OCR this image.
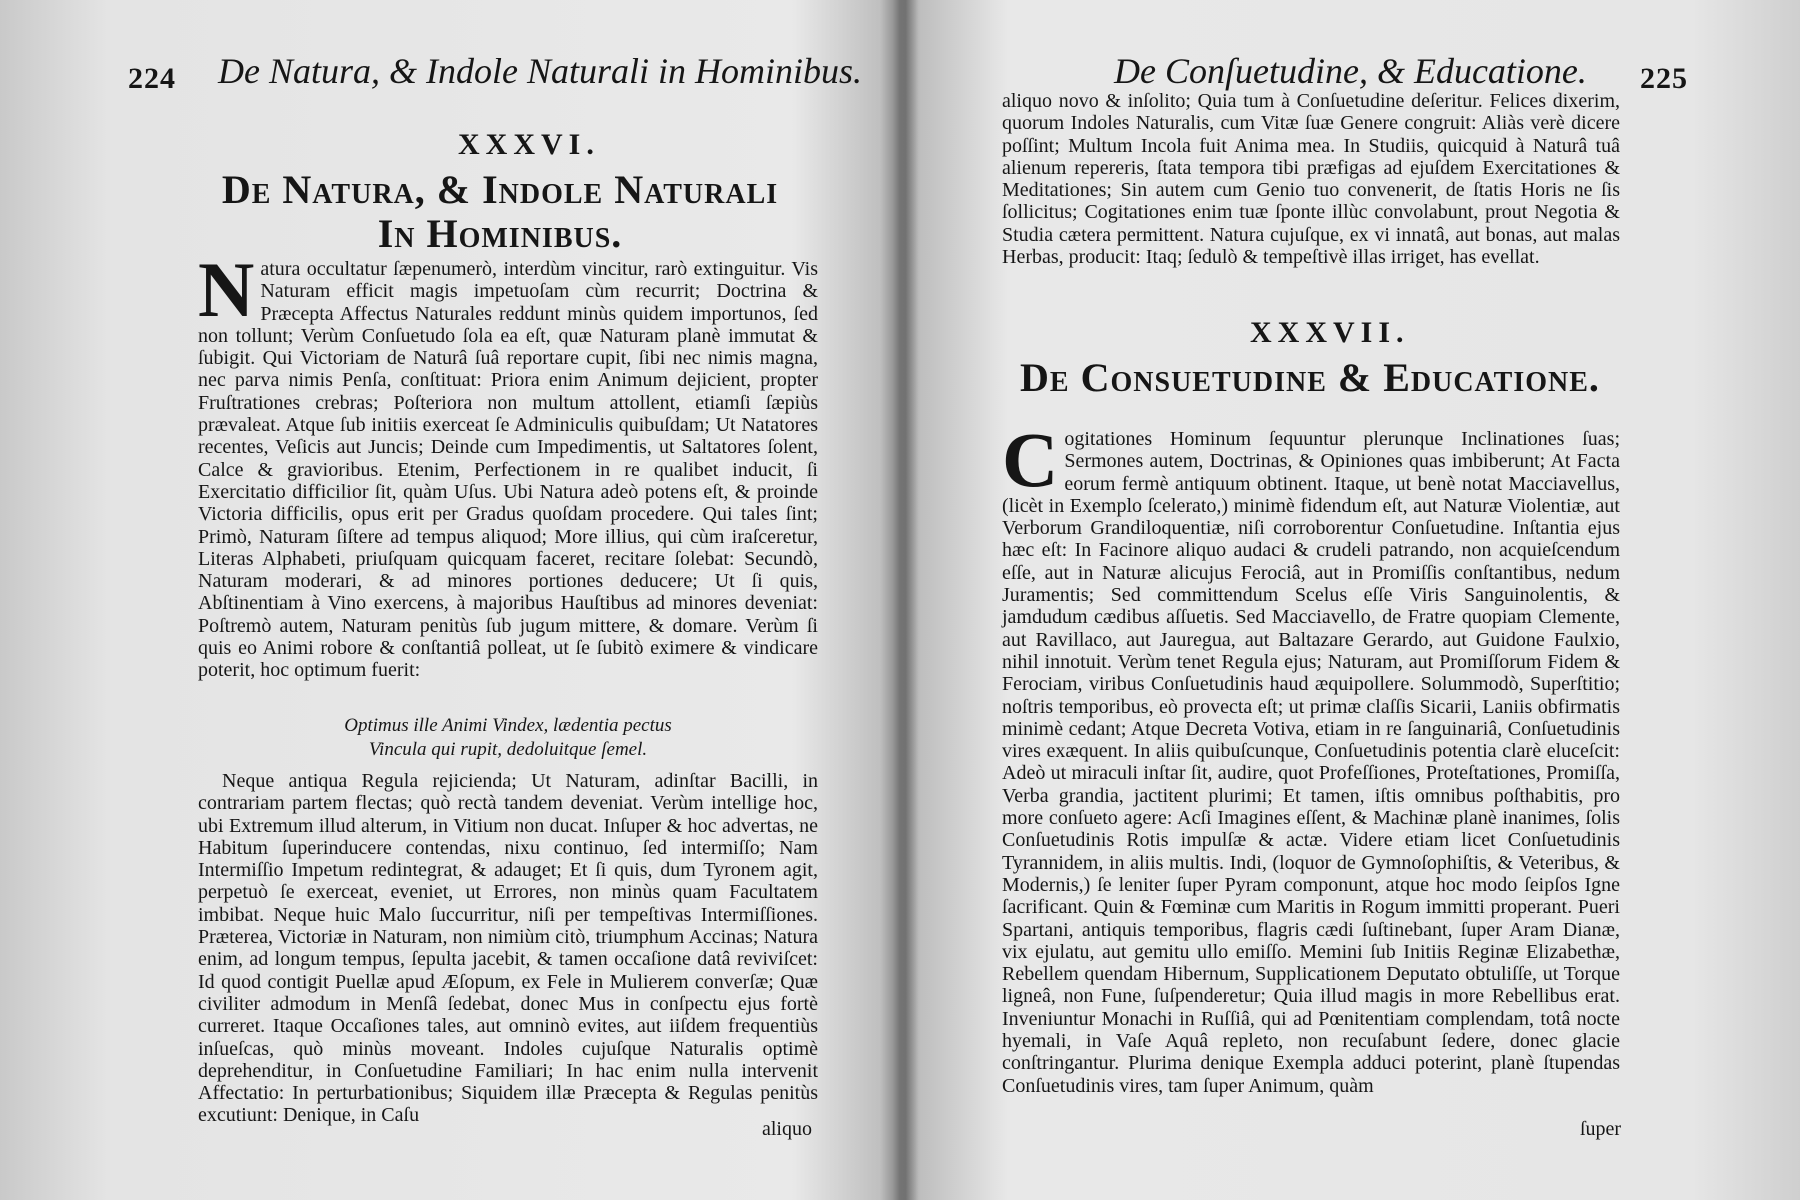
224 De Natura, & Indole Naturali in Hominibus.
XXXVI.
De Natura, & Indole Naturali
In Hominibus.

Natura occultatur ſæpenumerò, interdùm vincitur, rarò extinguitur. Vis Naturam efficit magis impetuoſam cùm recurrit; Doctrina & Præcepta Affectus Naturales reddunt minùs quidem importunos, ſed non tollunt; Verùm Conſuetudo ſola ea eſt, quæ Naturam planè immutat & ſubigit. Qui Victoriam de Naturâ ſuâ reportare cupit, ſibi nec nimis magna, nec parva nimis Penſa, conſtituat: Priora enim Animum dejicient, propter Fruſtrationes crebras; Poſteriora non multum attollent, etiamſi ſæpiùs prævaleat. Atque ſub initiis exerceat ſe Adminiculis quibuſdam; Ut Natatores recentes, Veſicis aut Juncis; Deinde cum Impedimentis, ut Saltatores ſolent, Calce & gravioribus. Etenim, Perfectionem in re qualibet inducit, ſi Exercitatio difficilior ſit, quàm Uſus. Ubi Natura adeò potens eſt, & proinde Victoria difficilis, opus erit per Gradus quoſdam procedere. Qui tales ſint; Primò, Naturam ſiſtere ad tempus aliquod; More illius, qui cùm iraſceretur, Literas Alphabeti, priuſquam quicquam faceret, recitare ſolebat: Secundò, Naturam moderari, & ad minores portiones deducere; Ut ſi quis, Abſtinentiam à Vino exercens, à majoribus Hauſtibus ad minores deveniat: Poſtremò autem, Naturam penitùs ſub jugum mittere, & domare. Verùm ſi quis eo Animi robore & conſtantiâ polleat, ut ſe ſubitò eximere & vindicare poterit, hoc optimum fuerit:

Optimus ille Animi Vindex, lædentia pectus
Vincula qui rupit, dedoluitque ſemel.

Neque antiqua Regula rejicienda; Ut Naturam, adinſtar Bacilli, in contrariam partem flectas; quò rectà tandem deveniat. Verùm intellige hoc, ubi Extremum illud alterum, in Vitium non ducat. Inſuper & hoc advertas, ne Habitum ſuperinducere contendas, nixu continuo, ſed intermiſſo; Nam Intermiſſio Impetum redintegrat, & adauget; Et ſi quis, dum Tyronem agit, perpetuò ſe exerceat, eveniet, ut Errores, non minùs quam Facultatem imbibat. Neque huic Malo ſuccurritur, niſi per tempeſtivas Intermiſſiones. Præterea, Victoriæ in Naturam, non nimiùm citò, triumphum Accinas; Natura enim, ad longum tempus, ſepulta jacebit, & tamen occaſione datâ reviviſcet: Id quod contigit Puellæ apud Æſopum, ex Fele in Mulierem converſæ; Quæ civiliter admodum in Menſâ ſedebat, donec Mus in conſpectu ejus fortè curreret. Itaque Occaſiones tales, aut omninò evites, aut iiſdem frequentiùs inſueſcas, quò minùs moveant. Indoles cujuſque Naturalis optimè deprehenditur, in Conſuetudine Familiari; In hac enim nulla intervenit Affectatio: In perturbationibus; Siquidem illæ Præcepta & Regulas penitùs excutiunt: Denique, in Caſu

aliquo
De Conſuetudine, & Educatione. 225

aliquo novo & inſolito; Quia tum à Conſuetudine deſeritur. Felices dixerim, quorum Indoles Naturalis, cum Vitæ ſuæ Genere congruit: Aliàs verè dicere poſſint; Multum Incola fuit Anima mea. In Studiis, quicquid à Naturâ tuâ alienum repereris, ſtata tempora tibi præfigas ad ejuſdem Exercitationes & Meditationes; Sin autem cum Genio tuo convenerit, de ſtatis Horis ne ſis ſollicitus; Cogitationes enim tuæ ſponte illùc convolabunt, prout Negotia & Studia cætera permittent. Natura cujuſque, ex vi innatâ, aut bonas, aut malas Herbas, producit: Itaq; ſedulò & tempeſtivè illas irriget, has evellat.

XXXVII.
De Consuetudine & Educatione.

Cogitationes Hominum ſequuntur plerunque Inclinationes ſuas; Sermones autem, Doctrinas, & Opiniones quas imbiberunt; At Facta eorum fermè antiquum obtinent. Itaque, ut benè notat Macciavellus, (licèt in Exemplo ſcelerato,) minimè fidendum eſt, aut Naturæ Violentiæ, aut Verborum Grandiloquentiæ, niſi corroborentur Conſuetudine. Inſtantia ejus hæc eſt: In Facinore aliquo audaci & crudeli patrando, non acquieſcendum eſſe, aut in Naturæ alicujus Ferociâ, aut in Promiſſis conſtantibus, nedum Juramentis; Sed committendum Scelus eſſe Viris Sanguinolentis, & jamdudum cædibus aſſuetis. Sed Macciavello, de Fratre quopiam Clemente, aut Ravillaco, aut Jauregua, aut Baltazare Gerardo, aut Guidone Faulxio, nihil innotuit. Verùm tenet Regula ejus; Naturam, aut Promiſſorum Fidem & Ferociam, viribus Conſuetudinis haud æquipollere. Solummodò, Superſtitio; noſtris temporibus, eò provecta eſt; ut primæ claſſis Sicarii, Laniis obfirmatis minimè cedant; Atque Decreta Votiva, etiam in re ſanguinariâ, Conſuetudinis vires exæquent. In aliis quibuſcunque, Conſuetudinis potentia clarè eluceſcit: Adeò ut miraculi inſtar ſit, audire, quot Profeſſiones, Proteſtationes, Promiſſa, Verba grandia, jactitent plurimi; Et tamen, iſtis omnibus poſthabitis, pro more conſueto agere: Acſi Imagines eſſent, & Machinæ planè inanimes, ſolis Conſuetudinis Rotis impulſæ & actæ. Videre etiam licet Conſuetudinis Tyrannidem, in aliis multis. Indi, (loquor de Gymnoſophiſtis, & Veteribus, & Modernis,) ſe leniter ſuper Pyram componunt, atque hoc modo ſeipſos Igne ſacrificant. Quin & Fœminæ cum Maritis in Rogum immitti properant. Pueri Spartani, antiquis temporibus, flagris cædi ſuſtinebant, ſuper Aram Dianæ, vix ejulatu, aut gemitu ullo emiſſo. Memini ſub Initiis Reginæ Elizabethæ, Rebellem quendam Hibernum, Supplicationem Deputato obtuliſſe, ut Torque ligneâ, non Fune, ſuſpenderetur; Quia illud magis in more Rebellibus erat. Inveniuntur Monachi in Ruſſiâ, qui ad Pœnitentiam complendam, totâ nocte hyemali, in Vaſe Aquâ repleto, non recuſabunt ſedere, donec glacie conſtringantur. Plurima denique Exempla adduci poterint, planè ſtupendas Conſuetudinis vires, tam ſuper Animum, quàm

ſuper
